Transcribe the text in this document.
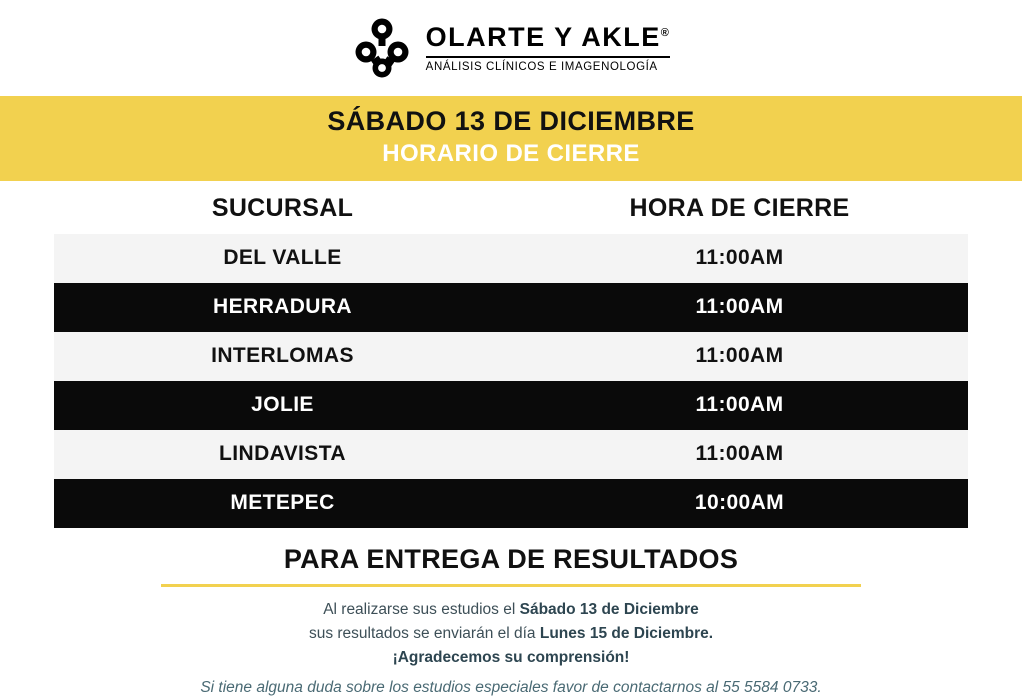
OLARTE Y AKLE®
ANÁLISIS CLÍNICOS E IMAGENOLOGÍA
SÁBADO 13 DE DICIEMBRE
HORARIO DE CIERRE
SUCURSAL	HORA DE CIERRE
DEL VALLE	11:00AM
HERRADURA	11:00AM
INTERLOMAS	11:00AM
JOLIE	11:00AM
LINDAVISTA	11:00AM
METEPEC	10:00AM
PARA ENTREGA DE RESULTADOS
Al realizarse sus estudios el Sábado 13 de Diciembre
sus resultados se enviarán el día Lunes 15 de Diciembre.
¡Agradecemos su comprensión!
Si tiene alguna duda sobre los estudios especiales favor de contactarnos al 55 5584 0733.
